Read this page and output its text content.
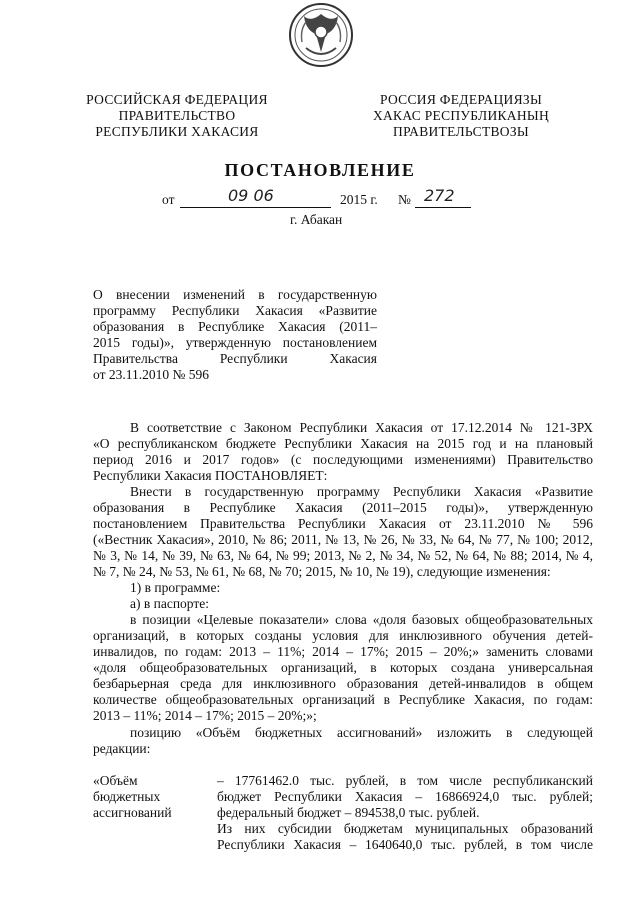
РОССИЙСКАЯ ФЕДЕРАЦИЯ
ПРАВИТЕЛЬСТВО
РЕСПУБЛИКИ ХАКАСИЯ
РОССИЯ ФЕДЕРАЦИЯЗЫ
ХАКАС РЕСПУБЛИКАНЫҢ
ПРАВИТЕЛЬСТВОЗЫ
ПОСТАНОВЛЕНИЕ
от	09 06	2015 г. № 272
г. Абакан
О внесении изменений в государственную
программу Республики Хакасия «Развитие
образования в Республике Хакасия (2011–
2015 годы)», утвержденную постановлением
Правительства Республики Хакасия
от 23.11.2010 № 596
В соответствие с Законом Республики Хакасия от 17.12.2014 № 121-ЗРХ
«О республиканском бюджете Республики Хакасия на 2015 год и на плановый
период 2016 и 2017 годов» (с последующими изменениями) Правительство
Республики Хакасия ПОСТАНОВЛЯЕТ:
Внести в государственную программу Республики Хакасия «Развитие
образования в Республике Хакасия (2011–2015 годы)», утвержденную
постановлением Правительства Республики Хакасия от 23.11.2010 № 596
(«Вестник Хакасия», 2010, № 86; 2011, № 13, № 26, № 33, № 64, № 77, № 100; 2012,
№ 3, № 14, № 39, № 63, № 64, № 99; 2013, № 2, № 34, № 52, № 64, № 88; 2014, № 4,
№ 7, № 24, № 53, № 61, № 68, № 70; 2015, № 10, № 19), следующие изменения:
1) в программе:
а) в паспорте:
в позиции «Целевые показатели» слова «доля базовых общеобразовательных
организаций, в которых созданы условия для инклюзивного обучения детей-
инвалидов, по годам: 2013 – 11%; 2014 – 17%; 2015 – 20%;» заменить словами
«доля общеобразовательных организаций, в которых создана универсальная
безбарьерная среда для инклюзивного образования детей-инвалидов в общем
количестве общеобразовательных организаций в Республике Хакасия, по годам:
2013 – 11%; 2014 – 17%; 2015 – 20%;»;
позицию «Объём бюджетных ассигнований» изложить в следующей
редакции:
«Объём
бюджетных
ассигнований
– 17761462.0 тыс. рублей, в том числе республиканский
бюджет Республики Хакасия – 16866924,0 тыс. рублей;
федеральный бюджет – 894538,0 тыс. рублей.
Из них субсидии бюджетам муниципальных образований
Республики Хакасия – 1640640,0 тыс. рублей, в том числе
